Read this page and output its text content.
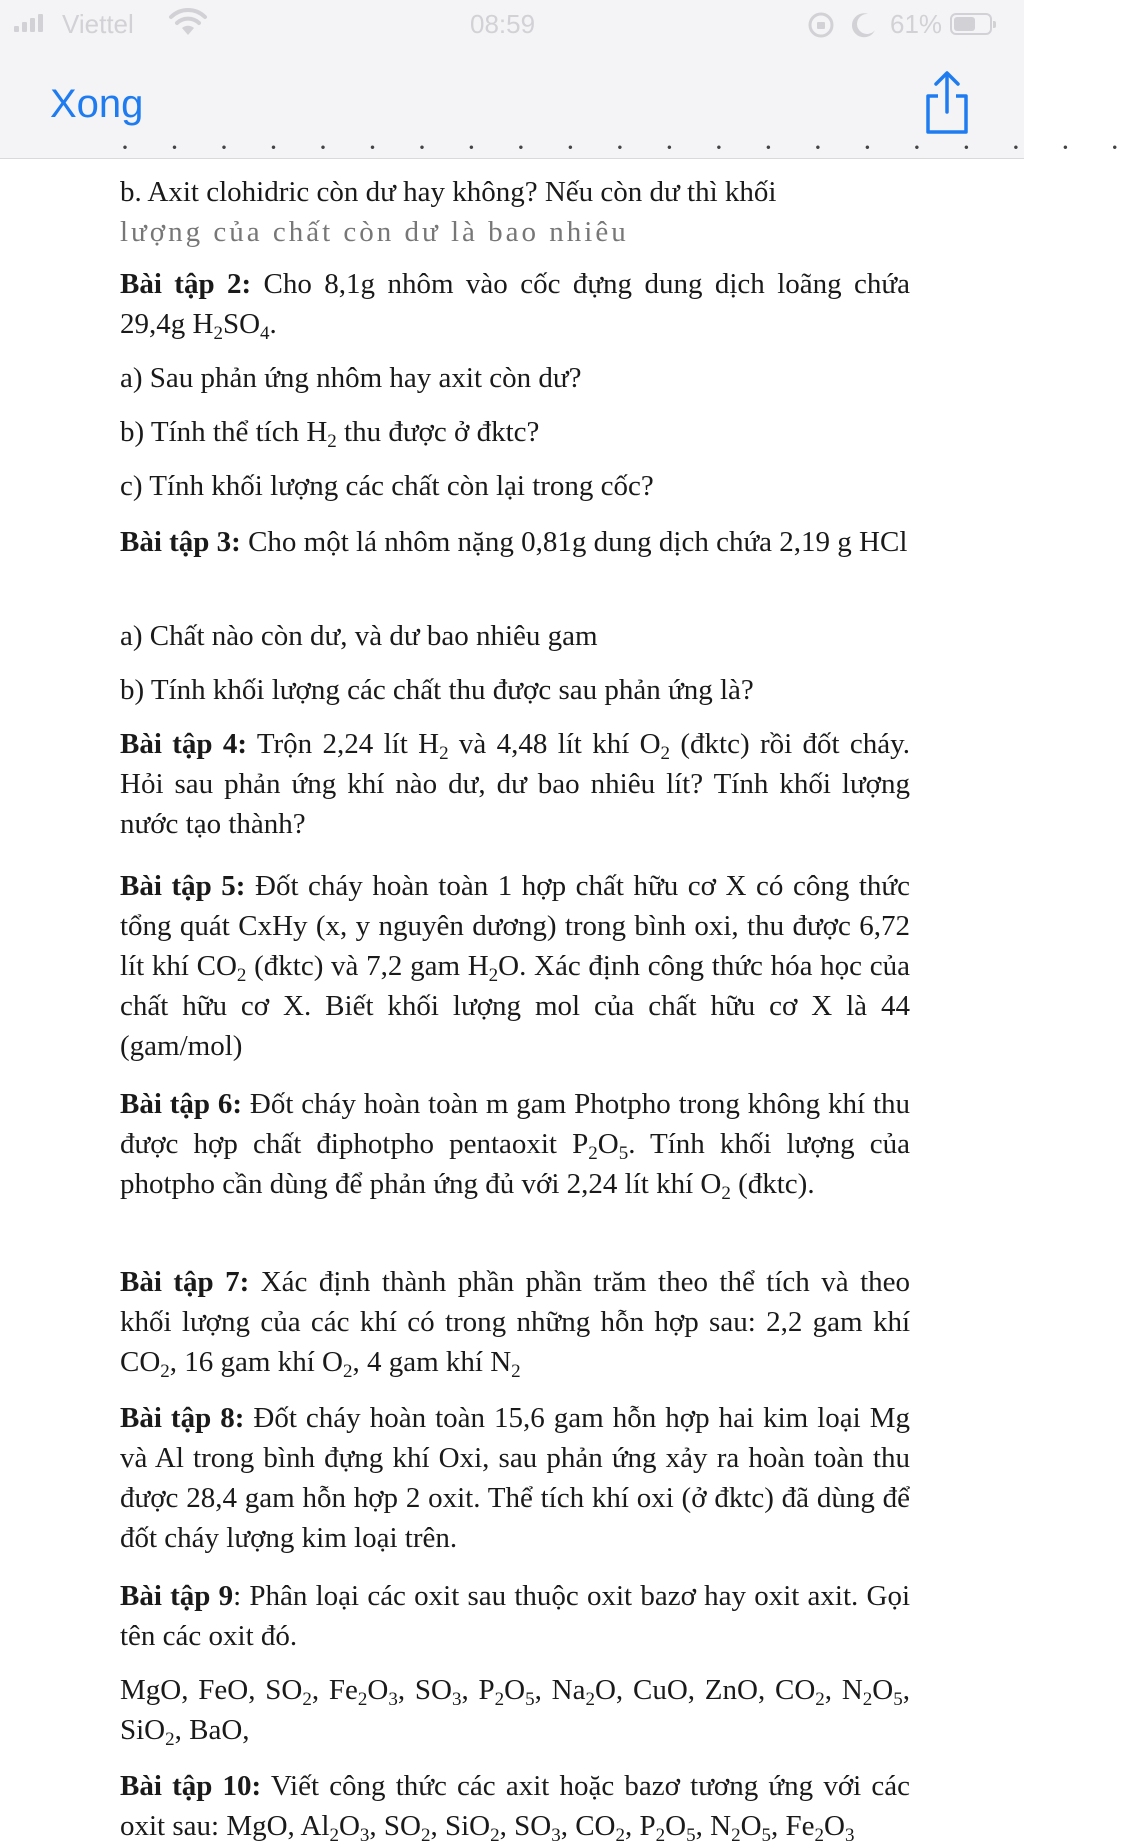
Viettel	08:59	61%
Xong
· · · · · · · · · · · · · · · · · · · · ·

b. Axit clohidric còn dư hay không? Nếu còn dư thì khối

lượng của chất còn dư là bao nhiêu

Bài tập 2: Cho 8,1g nhôm vào cốc đựng dung dịch loãng chứa 29,4g $H_2SO_4$.

a) Sau phản ứng nhôm hay axit còn dư?

b) Tính thể tích $H_2$ thu được ở đktc?

c) Tính khối lượng các chất còn lại trong cốc?

Bài tập 3: Cho một lá nhôm nặng 0,81g dung dịch chứa 2,19 g HCl

a) Chất nào còn dư, và dư bao nhiêu gam

b) Tính khối lượng các chất thu được sau phản ứng là?

Bài tập 4: Trộn 2,24 lít $H_2$ và 4,48 lít khí $O_2$ (đktc) rồi đốt cháy. Hỏi sau phản ứng khí nào dư, dư bao nhiêu lít? Tính khối lượng nước tạo thành?

Bài tập 5: Đốt cháy hoàn toàn 1 hợp chất hữu cơ X có công thức tổng quát CxHy (x, y nguyên dương) trong bình oxi, thu được 6,72 lít khí $CO_2$ (đktc) và 7,2 gam $H_2O$. Xác định công thức hóa học của chất hữu cơ X. Biết khối lượng mol của chất hữu cơ X là 44 (gam/mol)

Bài tập 6: Đốt cháy hoàn toàn m gam Photpho trong không khí thu được hợp chất điphotpho pentaoxit $P_2O_5$. Tính khối lượng của photpho cần dùng để phản ứng đủ với 2,24 lít khí $O_2$ (đktc).

Bài tập 7: Xác định thành phần phần trăm theo thể tích và theo khối lượng của các khí có trong những hỗn hợp sau: 2,2 gam khí $CO_2$, 16 gam khí $O_2$, 4 gam khí $N_2$

Bài tập 8: Đốt cháy hoàn toàn 15,6 gam hỗn hợp hai kim loại Mg và Al trong bình đựng khí Oxi, sau phản ứng xảy ra hoàn toàn thu được 28,4 gam hỗn hợp 2 oxit. Thể tích khí oxi (ở đktc) đã dùng để đốt cháy lượng kim loại trên.

Bài tập 9: Phân loại các oxit sau thuộc oxit bazơ hay oxit axit. Gọi tên các oxit đó.

MgO, FeO, $SO_2$, $Fe_2O_3$, $SO_3$, $P_2O_5$, $Na_2O$, CuO, ZnO, $CO_2$, $N_2O_5$, SiO$_2$, BaO,

Bài tập 10: Viết công thức các axit hoặc bazơ tương ứng với các oxit sau: MgO, $Al_2O_3$, $SO_2$, SiO$_2$, $SO_3$, $CO_2$, $P_2O_5$, $N_2O_5$, $Fe_2O_3$
